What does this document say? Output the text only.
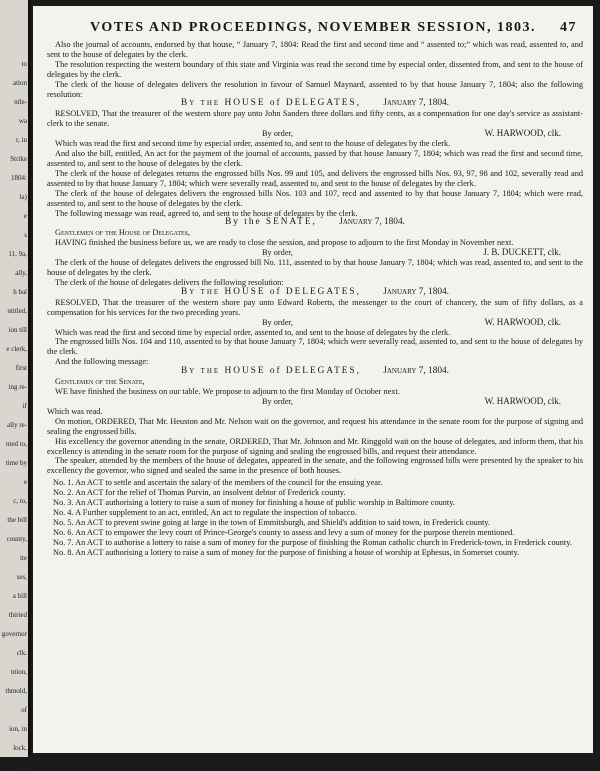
to
ation
ntle-
wa
r, in
Strike
1804:
la)
e
s
11, 9a,
ally,
h bal
ntitled,
ion till
e clerk,
first
ing re-
if
ally re-
nted to,
time by
e
c, to,
the bill
county,
ite
ses,
a bill
thiried
governor
clk.
ntion,
thmold,
of
ion, in
lock,
ie
VOTES AND PROCEEDINGS, NOVEMBER SESSION, 1803. 47

Also the journal of accounts, endorsed by that house, “ January 7, 1804: Read the first and second time and “ assented to;” which was read, assented to, and sent to the house of delegates by the clerk.

The resolution respecting the western boundary of this state and Virginia was read the second time by especial order, dissented from, and sent to the house of delegates by the clerk.

The clerk of the house of delegates delivers the resolution in favour of Samuel Maynard, assented to by that house January 7, 1804; also the following resolution:

By the HOUSE of DELEGATES, January 7, 1804.

RESOLVED, That the treasurer of the western shore pay unto John Sanders three dollars and fifty cents, as a compensation for one day's service as assistant-clerk to the senate.

By order,	W. HARWOOD, clk.

Which was read the first and second time by especial order, assented to, and sent to the house of delegates by the clerk.

And also the bill, entitled, An act for the payment of the journal of accounts, passed by that house January 7, 1804; which was read the first and second time, assented to, and sent to the house of delegates by the clerk.

The clerk of the house of delegates returns the engrossed bills Nos. 99 and 105, and delivers the engrossed bills Nos. 93, 97, 98 and 102, severally read and assented to by that house January 7, 1804; which were severally read, assented to, and sent to the house of delegates by the clerk.

The clerk of the house of delegates delivers the engrossed bills Nos. 103 and 107, recd and assented to by that house January 7, 1804; which were read, assented to, and sent to the house of delegates by the clerk.

The following message was read, agreed to, and sent to the house of delegates by the clerk.

By the SENATE, January 7, 1804.

Gentlemen of the House of Delegates,

HAVING finished the business before us, we are ready to close the session, and propose to adjourn to the first Monday in November next.

By order,	J. B. DUCKETT, clk.

The clerk of the house of delegates delivers the engrossed bill No. 111, assented to by that house January 7, 1804; which was read, assented to, and sent to the house of delegates by the clerk.

The clerk of the house of delegates delivers the following resolution:

By the HOUSE of DELEGATES, January 7, 1804.

RESOLVED, That the treasurer of the western shore pay unto Edward Roberts, the messenger to the court of chancery, the sum of fifty dollars, as a compensation for his services for the two preceding years.

By order,	W. HARWOOD, clk.

Which was read the first and second time by especial order, assented to, and sent to the house of delegates by the clerk.

The engrossed bills Nos. 104 and 110, assented to by that house January 7, 1804; which were severally read, assented to, and sent to the house of delegates by the clerk.

And the following message:

By the HOUSE of DELEGATES, January 7, 1804.

Gentlemen of the Senate,

WE have finished the business on our table. We propose to adjourn to the first Monday of October next.

By order,	W. HARWOOD, clk.

Which was read.

On motion, ORDERED, That Mr. Heuston and Mr. Nelson wait on the governor, and request his attendance in the senate room for the purpose of signing and sealing the engrossed bills.

His excellency the governor attending in the senate, ORDERED, That Mr. Johnson and Mr. Ringgold wait on the house of delegates, and inform them, that his excellency is attending in the senate room for the purpose of signing and sealing the engrossed bills, and request their attendance.

The speaker, attended by the members of the house of delegates, appeared in the senate, and the following engrossed bills were presented by the speaker to his excellency the governor, who signed and sealed the same in the presence of both houses.

No. 1. An ACT to settle and ascertain the salary of the members of the council for the ensuing year.

No. 2. An ACT for the relief of Thomas Purvin, an insolvent debtor of Frederick county.

No. 3. An ACT authorising a lottery to raise a sum of money for finishing a house of public worship in Baltimore county.

No. 4. A Further supplement to an act, entitled, An act to regulate the inspection of tobacco.

No. 5. An ACT to prevent swine going at large in the town of Emmitsburgh, and Shield's addition to said town, in Frederick county.

No. 6. An ACT to empower the levy court of Prince-George's county to assess and levy a sum of money for the purpose therein mentioned.

No. 7. An ACT to authorise a lottery to raise a sum of money for the purpose of finishing the Roman catholic church in Frederick-town, in Frederick county.

No. 8. An ACT authorising a lottery to raise a sum of money for the purpose of finishing a house of worship at Ephesus, in Somerset county.
